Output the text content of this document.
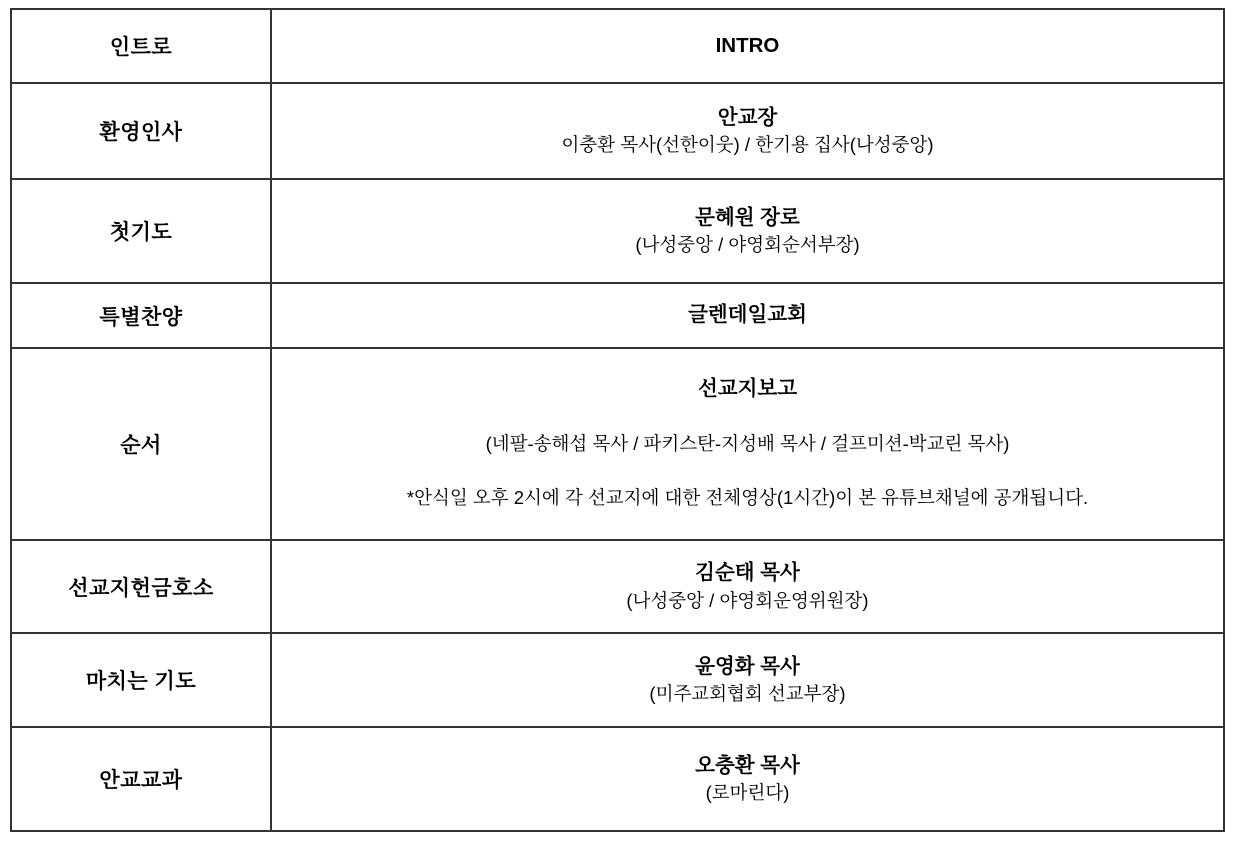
인트로	INTRO

환영인사	안교장
이충환 목사(선한이웃) / 한기용 집사(나성중앙)

첫기도	문혜원 장로
(나성중앙 / 야영회순서부장)

특별찬양	글렌데일교회

순서	선교지보고
(네팔-송해섭 목사 / 파키스탄-지성배 목사 / 걸프미션-박교린 목사)
*안식일 오후 2시에 각 선교지에 대한 전체영상(1시간)이 본 유튜브채널에 공개됩니다.

선교지헌금호소	김순태 목사
(나성중앙 / 야영회운영위원장)

마치는 기도	윤영화 목사
(미주교회협회 선교부장)

안교교과	오충환 목사
(로마린다)
